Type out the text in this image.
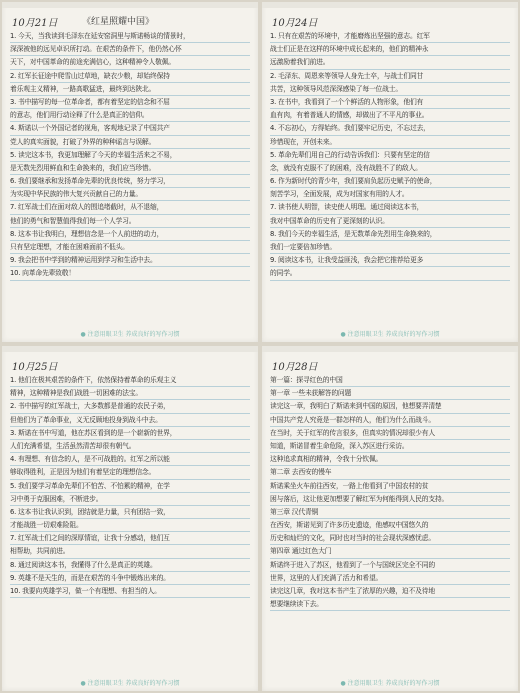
10月21日	《红星照耀中国》
1. 今天，当我读到毛泽东在延安窑洞里与斯诺畅谈的情景时，
深深被他的远见卓识所打动。在艰苦的条件下，他仍然心怀
天下，对中国革命的前途充满信心，这种精神令人敬佩。
2. 红军长征途中爬雪山过草地，缺衣少粮，却始终保持
着乐观主义精神，一路高歌猛进，最终到达陕北。
3. 书中描写的每一位革命者，都有着坚定的信念和不屈
的意志，他们用行动诠释了什么是真正的信仰。
4. 斯诺以一个外国记者的视角，客观地记录了中国共产
党人的真实面貌，打破了外界的种种谣言与误解。
5. 读完这本书，我更加理解了今天的幸福生活来之不易，
是无数先烈用鲜血和生命换来的，我们应当珍惜。
6. 我们要继承和发扬革命先辈的优良传统，努力学习，
为实现中华民族的伟大复兴贡献自己的力量。
7. 红军战士们在面对敌人的围追堵截时，从不退缩，
他们的勇气和智慧值得我们每一个人学习。
8. 这本书让我明白，理想信念是一个人前进的动力，
只有坚定理想，才能在困难面前不低头。
9. 我会把书中学到的精神运用到学习和生活中去。
10. 向革命先辈致敬！
● 注意用眼卫生 养成良好的写作习惯
10月24日
1. 只有在艰苦的环境中，才能磨炼出坚强的意志。红军
战士们正是在这样的环境中成长起来的，他们的精神永
远激励着我们前进。
2. 毛泽东、周恩来等领导人身先士卒，与战士们同甘
共苦，这种领导风范深深感染了每一位战士。
3. 在书中，我看到了一个个鲜活的人物形象，他们有
血有肉，有着普通人的情感，却做出了不平凡的事业。
4. 不忘初心，方得始终。我们要牢记历史，不忘过去，
珍惜现在，开创未来。
5. 革命先辈们用自己的行动告诉我们：只要有坚定的信
念，就没有克服不了的困难，没有战胜不了的敌人。
6. 作为新时代的青少年，我们要肩负起历史赋予的使命，
刻苦学习，全面发展，成为对国家有用的人才。
7. 读书使人明智，读史使人明理。通过阅读这本书，
我对中国革命的历史有了更深刻的认识。
8. 我们今天的幸福生活，是无数革命先烈用生命换来的，
我们一定要倍加珍惜。
9. 阅读这本书，让我受益匪浅，我会把它推荐给更多
的同学。
● 注意用眼卫生 养成良好的写作习惯
10月25日
1. 他们在极其艰苦的条件下，依然保持着革命的乐观主义
精神，这种精神是我们战胜一切困难的法宝。
2. 书中描写的红军战士，大多数都是普通的农民子弟，
但他们为了革命事业，义无反顾地投身到战斗中去。
3. 斯诺在书中写道，他在苏区看到的是一个崭新的世界，
人们充满希望，生活虽然清苦却很有朝气。
4. 有理想、有信念的人，是不可战胜的。红军之所以能
够取得胜利，正是因为他们有着坚定的理想信念。
5. 我们要学习革命先辈们不怕苦、不怕累的精神，在学
习中勇于克服困难，不断进步。
6. 这本书让我认识到，团结就是力量，只有团结一致，
才能战胜一切艰难险阻。
7. 红军战士们之间的深厚情谊，让我十分感动，他们互
相帮助，共同前进。
8. 通过阅读这本书，我懂得了什么是真正的英雄。
9. 英雄不是天生的，而是在艰苦的斗争中锻炼出来的。
10. 我要向英雄学习，做一个有理想、有担当的人。
● 注意用眼卫生 养成良好的写作习惯
10月28日
第一篇：探寻红色的中国
第一章 一些未获解答的问题
读完这一章，我明白了斯诺来到中国的原因，他想要弄清楚
中国共产党人究竟是一群怎样的人，他们为什么而战斗。
在当时，关于红军的传言很多，但真实的情况却很少有人
知道，斯诺冒着生命危险，深入苏区进行采访。
这种追求真相的精神，令我十分钦佩。
第二章 去西安的慢车
斯诺乘坐火车前往西安，一路上他看到了中国农村的贫
困与落后，这让他更加想要了解红军为何能得到人民的支持。
第三章 汉代青铜
在西安，斯诺见到了许多历史遗迹，他感叹中国悠久的
历史和灿烂的文化，同时也对当时的社会现状深感忧虑。
第四章 通过红色大门
斯诺终于进入了苏区，他看到了一个与国统区完全不同的
世界，这里的人们充满了活力和希望。
读完这几章，我对这本书产生了浓厚的兴趣，迫不及待地
想要继续读下去。
● 注意用眼卫生 养成良好的写作习惯
